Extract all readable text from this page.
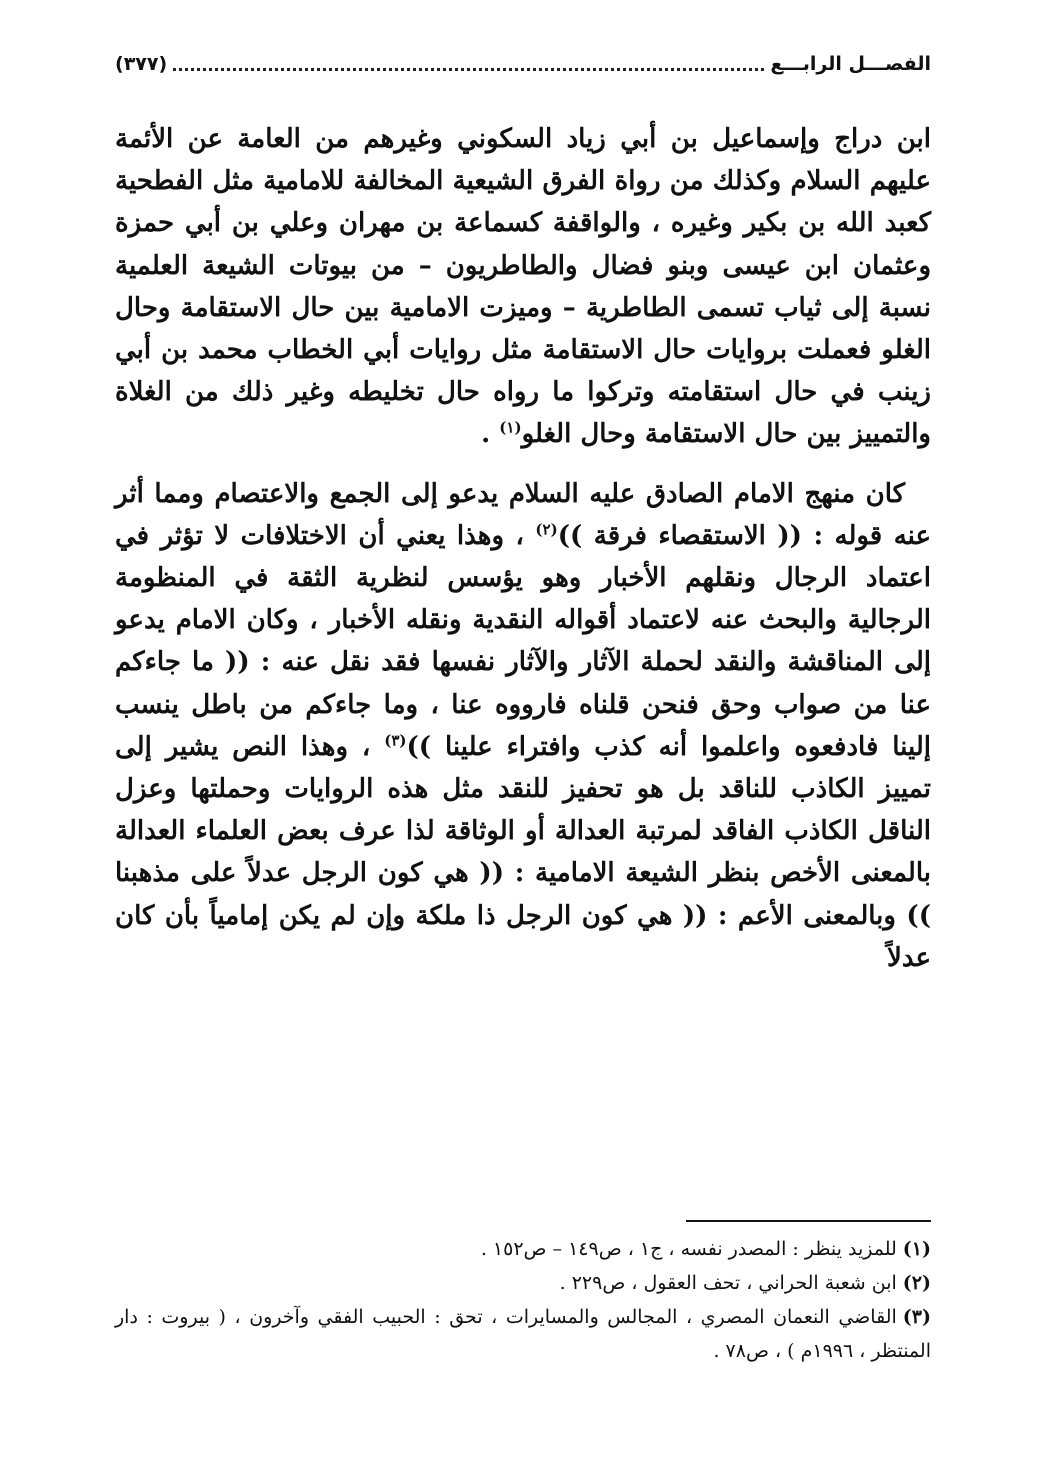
الفصـــل الرابـــع
(٣٧٧)

ابن دراج وإسماعيل بن أبي زياد السكوني وغيرهم من العامة عن الأئمة عليهم السلام وكذلك من رواة الفرق الشيعية المخالفة للامامية مثل الفطحية كعبد الله بن بكير وغيره ، والواقفة كسماعة بن مهران وعلي بن أبي حمزة وعثمان ابن عيسى وبنو فضال والطاطريون – من بيوتات الشيعة العلمية نسبة إلى ثياب تسمى الطاطرية – وميزت الامامية بين حال الاستقامة وحال الغلو فعملت بروايات حال الاستقامة مثل روايات أبي الخطاب محمد بن أبي زينب في حال استقامته وتركوا ما رواه حال تخليطه وغير ذلك من الغلاة والتمييز بين حال الاستقامة وحال الغلو$^{(١)}$ .

كان منهج الامام الصادق عليه السلام يدعو إلى الجمع والاعتصام ومما أثر عنه قوله : (( الاستقصاء فرقة ))$^{(٢)}$ ، وهذا يعني أن الاختلافات لا تؤثر في اعتماد الرجال ونقلهم الأخبار وهو يؤسس لنظرية الثقة في المنظومة الرجالية والبحث عنه لاعتماد أقواله النقدية ونقله الأخبار ، وكان الامام يدعو إلى المناقشة والنقد لحملة الآثار والآثار نفسها فقد نقل عنه : (( ما جاءكم عنا من صواب وحق فنحن قلناه فارووه عنا ، وما جاءكم من باطل ينسب إلينا فادفعوه واعلموا أنه كذب وافتراء علينا ))$^{(٣)}$ ، وهذا النص يشير إلى تمييز الكاذب للناقد بل هو تحفيز للنقد مثل هذه الروايات وحملتها وعزل الناقل الكاذب الفاقد لمرتبة العدالة أو الوثاقة لذا عرف بعض العلماء العدالة بالمعنى الأخص بنظر الشيعة الامامية : (( هي كون الرجل عدلاً على مذهبنا )) وبالمعنى الأعم : (( هي كون الرجل ذا ملكة وإن لم يكن إمامياً بأن كان عدلاً

(١)للمزيد ينظر : المصدر نفسه ، ج١ ، ص١٤٩ – ص١٥٢ .

(٢)ابن شعبة الحراني ، تحف العقول ، ص٢٢٩ .

(٣)القاضي النعمان المصري ، المجالس والمسايرات ، تحق : الحبيب الفقي وآخرون ، ( بيروت : دار المنتظر ، ١٩٩٦م ) ، ص٧٨ .
